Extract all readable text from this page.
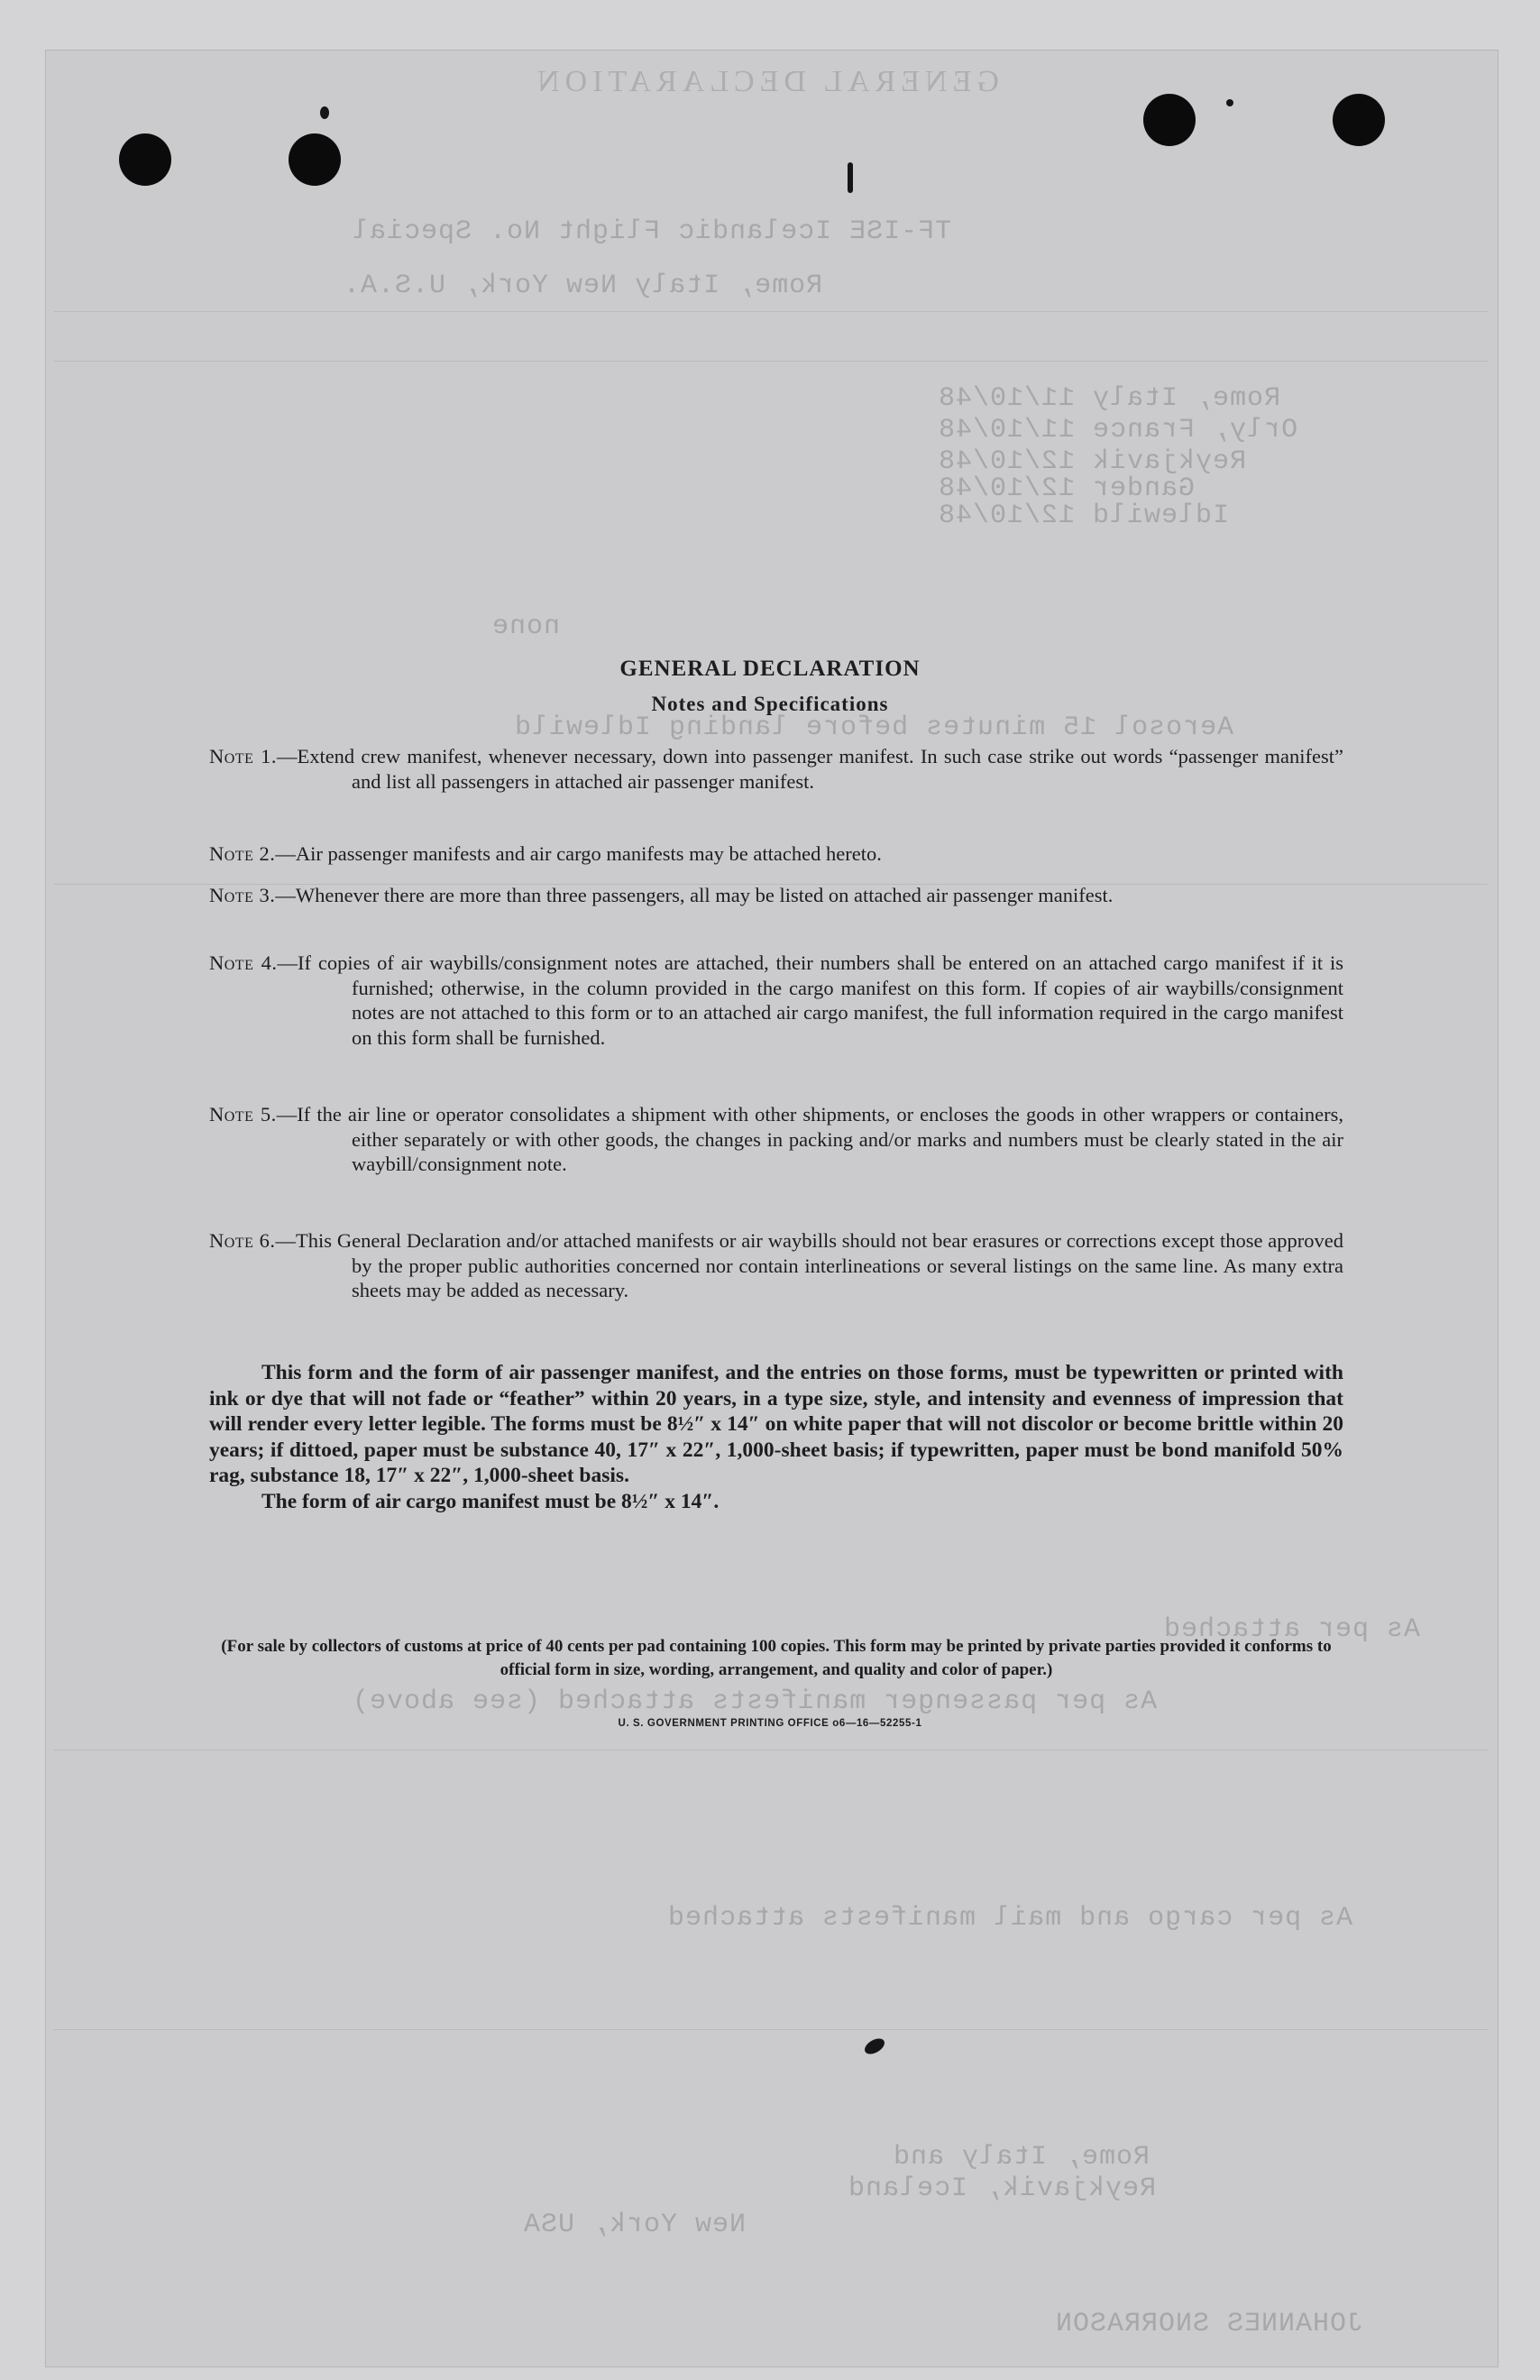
GENERAL DECLARATION
TF-ISE Icelandic Flight No. Special
Rome, Italy New York, U.S.A.
Rome, Italy 11/10/48
Orly, France 11/10/48
Reykjavik 12/10/48
Gander 12/10/48
Idlewild 12/10/48
none
Aerosol 15 minutes before landing Idlewild
As per attached
As per passenger manifests attached (see above)
As per cargo and mail manifests attached
Rome, Italy and
Reykjavik, Iceland
New York, USA
JOHANNES SNORRASON
GENERAL DECLARATION
Notes and Specifications
Note 1.—Extend crew manifest, whenever necessary, down into passenger manifest. In such case strike out words “passenger manifest” and list all passengers in attached air passenger manifest.
Note 2.—Air passenger manifests and air cargo manifests may be attached hereto.
Note 3.—Whenever there are more than three passengers, all may be listed on attached air passenger manifest.
Note 4.—If copies of air waybills/consignment notes are attached, their numbers shall be entered on an attached cargo manifest if it is furnished; otherwise, in the column provided in the cargo manifest on this form. If copies of air waybills/consignment notes are not attached to this form or to an attached air cargo manifest, the full information required in the cargo manifest on this form shall be furnished.
Note 5.—If the air line or operator consolidates a shipment with other shipments, or encloses the goods in other wrappers or containers, either separately or with other goods, the changes in packing and/or marks and numbers must be clearly stated in the air waybill/consignment note.
Note 6.—This General Declaration and/or attached manifests or air waybills should not bear erasures or corrections except those approved by the proper public authorities concerned nor contain interlineations or several listings on the same line. As many extra sheets may be added as necessary.
This form and the form of air passenger manifest, and the entries on those forms, must be typewritten or printed with ink or dye that will not fade or “feather” within 20 years, in a type size, style, and intensity and evenness of impression that will render every letter legible. The forms must be 8½″ x 14″ on white paper that will not discolor or become brittle within 20 years; if dittoed, paper must be substance 40, 17″ x 22″, 1,000-sheet basis; if typewritten, paper must be bond manifold 50% rag, substance 18, 17″ x 22″, 1,000-sheet basis.
The form of air cargo manifest must be 8½″ x 14″.
(For sale by collectors of customs at price of 40 cents per pad containing 100 copies. This form may be printed by private parties provided it conforms to official form in size, wording, arrangement, and quality and color of paper.)
U. S. GOVERNMENT PRINTING OFFICE o6—16—52255-1
